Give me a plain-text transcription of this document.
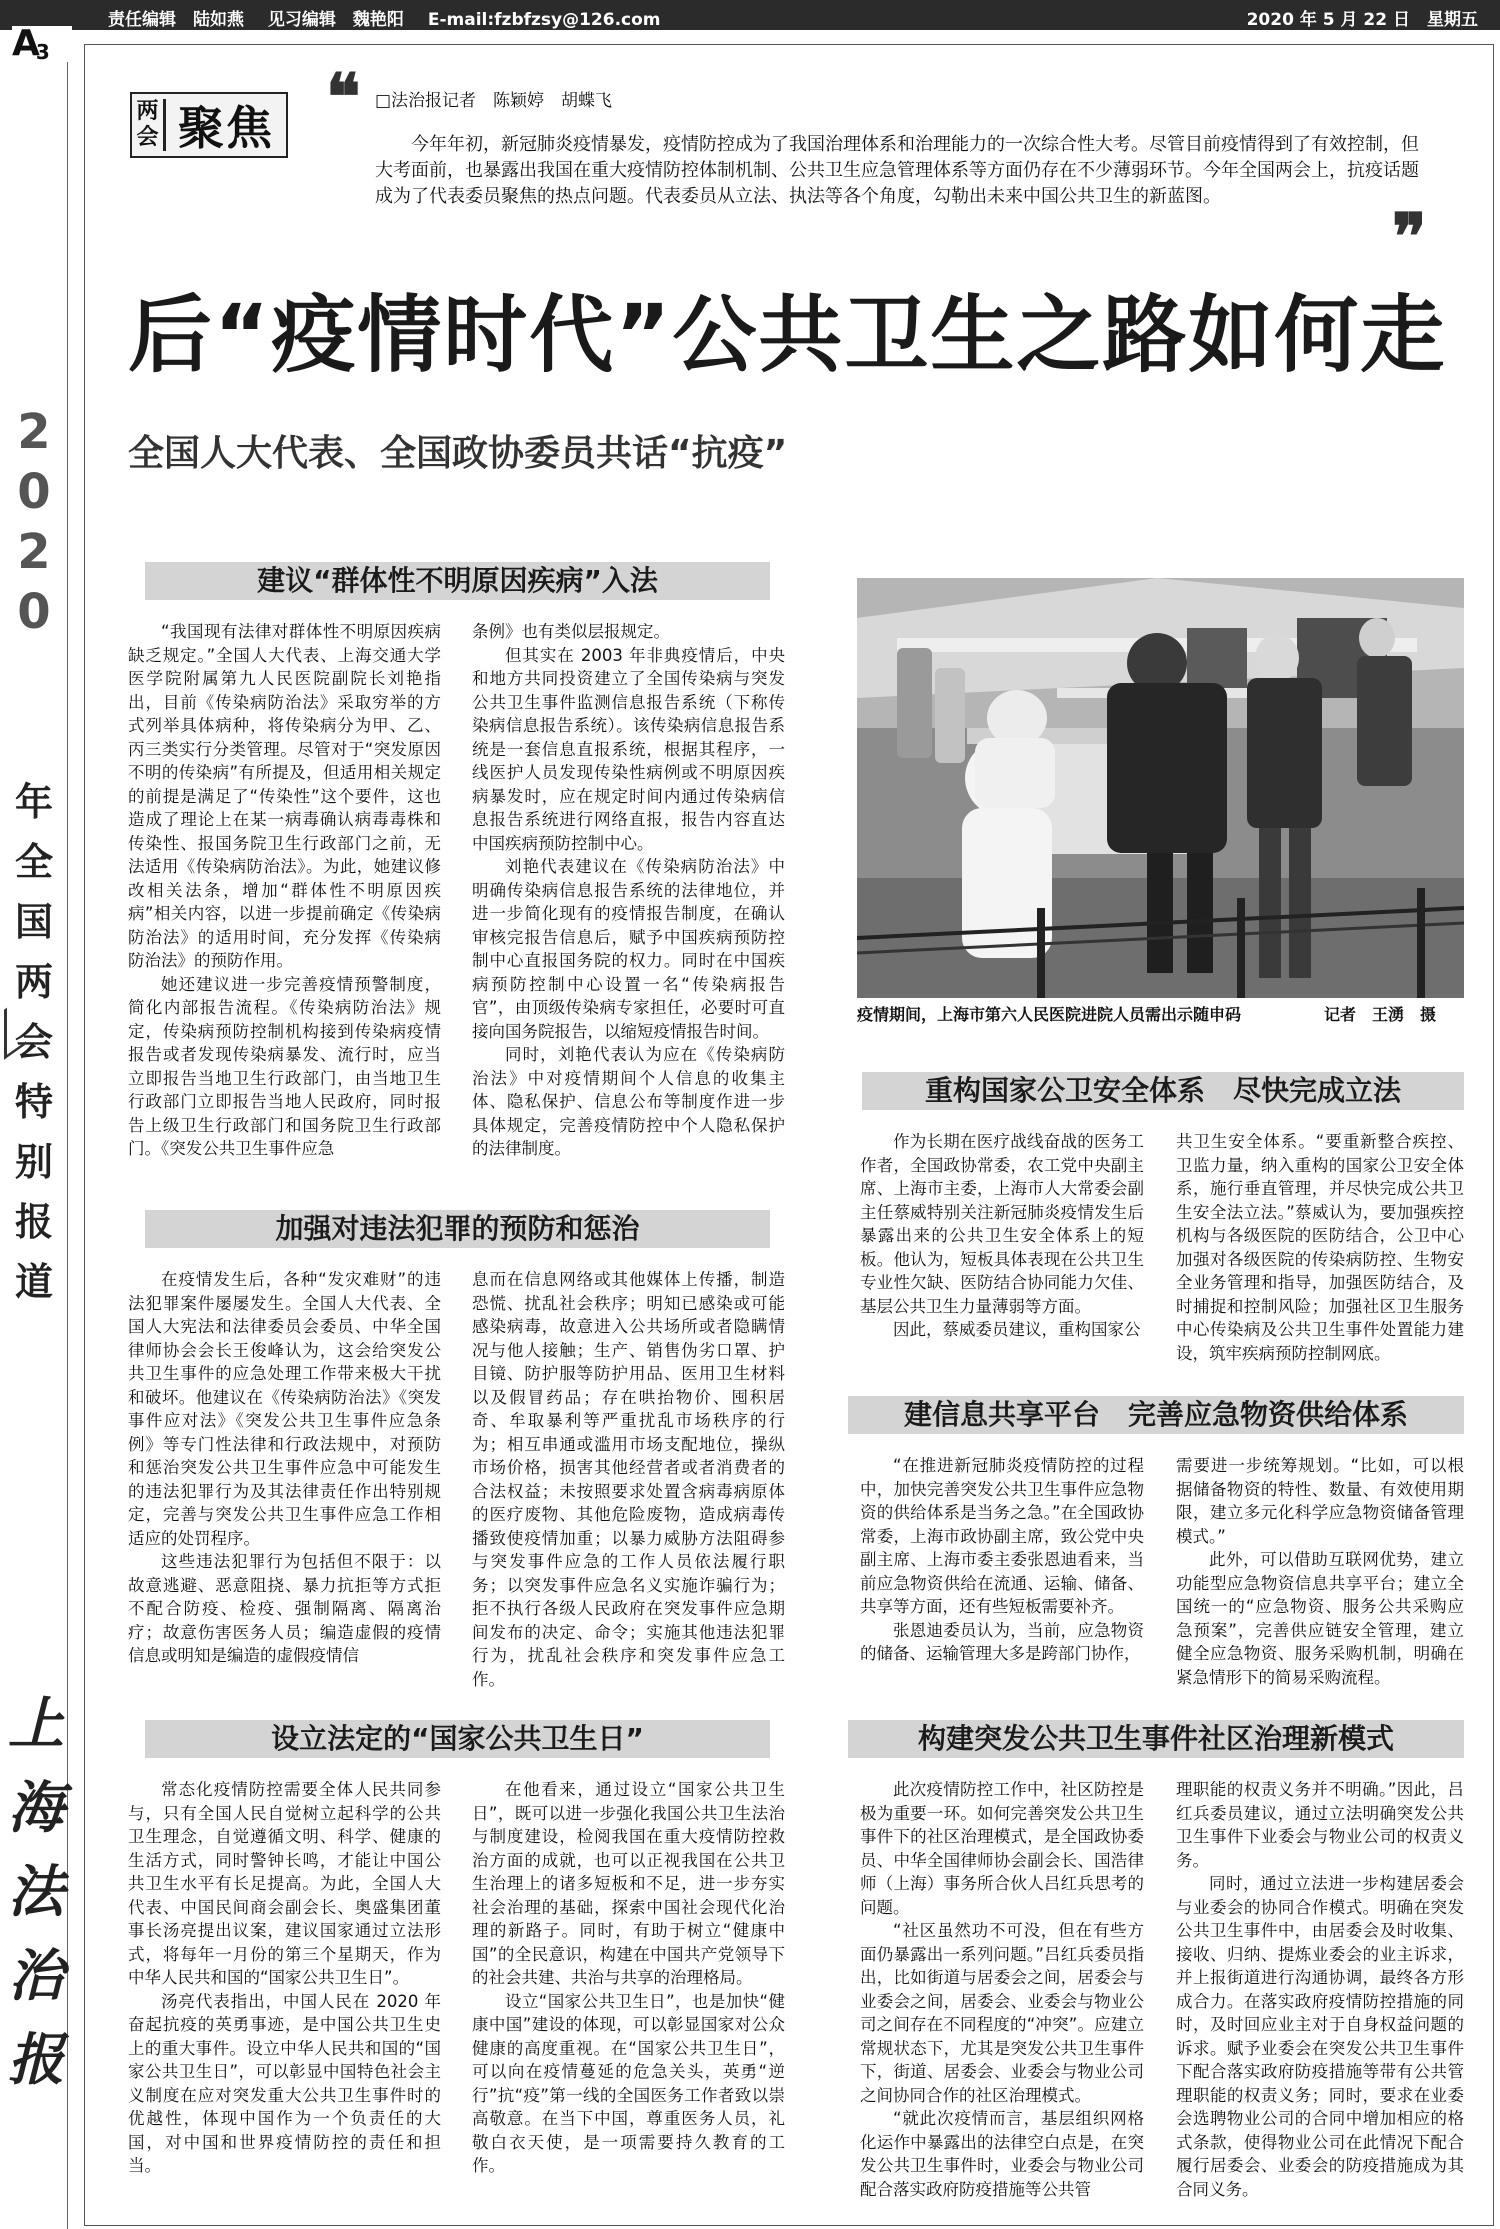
责任编辑　陆如燕 见习编辑　魏艳阳 E-mail:fzbfzsy@126.com	2020 年 5 月 22 日　星期五
A3
2
0
2
0
年
全
国
两
会
特
别
报
道
上
海
法
治
报
两会 聚焦 ❝
❞
□法治报记者　陈颖婷　胡蝶飞
今年年初，新冠肺炎疫情暴发，疫情防控成为了我国治理体系和治理能力的一次综合性大考。尽管目前疫情得到了有效控制，但大考面前，也暴露出我国在重大疫情防控体制机制、公共卫生应急管理体系等方面仍存在不少薄弱环节。今年全国两会上，抗疫话题成为了代表委员聚焦的热点问题。代表委员从立法、执法等各个角度，勾勒出未来中国公共卫生的新蓝图。
后“疫情时代”公共卫生之路如何走
全国人大代表、全国政协委员共话“抗疫”
建议“群体性不明原因疾病”入法

“我国现有法律对群体性不明原因疾病缺乏规定。”全国人大代表、上海交通大学医学院附属第九人民医院副院长刘艳指出，目前《传染病防治法》采取穷举的方式列举具体病种，将传染病分为甲、乙、丙三类实行分类管理。尽管对于“突发原因不明的传染病”有所提及，但适用相关规定的前提是满足了“传染性”这个要件，这也造成了理论上在某一病毒确认病毒毒株和传染性、报国务院卫生行政部门之前，无法适用《传染病防治法》。为此，她建议修改相关法条，增加“群体性不明原因疾病”相关内容，以进一步提前确定《传染病防治法》的适用时间，充分发挥《传染病防治法》的预防作用。

她还建议进一步完善疫情预警制度，简化内部报告流程。《传染病防治法》规定，传染病预防控制机构接到传染病疫情报告或者发现传染病暴发、流行时，应当立即报告当地卫生行政部门，由当地卫生行政部门立即报告当地人民政府，同时报告上级卫生行政部门和国务院卫生行政部门。《突发公共卫生事件应急

条例》也有类似层报规定。

但其实在 2003 年非典疫情后，中央和地方共同投资建立了全国传染病与突发公共卫生事件监测信息报告系统（下称传染病信息报告系统）。该传染病信息报告系统是一套信息直报系统，根据其程序，一线医护人员发现传染性病例或不明原因疾病暴发时，应在规定时间内通过传染病信息报告系统进行网络直报，报告内容直达中国疾病预防控制中心。

刘艳代表建议在《传染病防治法》中明确传染病信息报告系统的法律地位，并进一步简化现有的疫情报告制度，在确认审核完报告信息后，赋予中国疾病预防控制中心直报国务院的权力。同时在中国疾病预防控制中心设置一名“传染病报告官”，由顶级传染病专家担任，必要时可直接向国务院报告，以缩短疫情报告时间。

同时，刘艳代表认为应在《传染病防治法》中对疫情期间个人信息的收集主体、隐私保护、信息公布等制度作进一步具体规定，完善疫情防控中个人隐私保护的法律制度。

疫情期间，上海市第六人民医院进院人员需出示随申码	记者　王湧　摄
重构国家公卫安全体系　尽快完成立法

作为长期在医疗战线奋战的医务工作者，全国政协常委，农工党中央副主席、上海市主委，上海市人大常委会副主任蔡威特别关注新冠肺炎疫情发生后暴露出来的公共卫生安全体系上的短板。他认为，短板具体表现在公共卫生专业性欠缺、医防结合协同能力欠佳、基层公共卫生力量薄弱等方面。

因此，蔡威委员建议，重构国家公

共卫生安全体系。“要重新整合疾控、卫监力量，纳入重构的国家公卫安全体系，施行垂直管理，并尽快完成公共卫生安全法立法。”蔡威认为，要加强疾控机构与各级医院的医防结合，公卫中心加强对各级医院的传染病防控、生物安全业务管理和指导，加强医防结合，及时捕捉和控制风险；加强社区卫生服务中心传染病及公共卫生事件处置能力建设，筑牢疾病预防控制网底。

加强对违法犯罪的预防和惩治

在疫情发生后，各种“发灾难财”的违法犯罪案件屡屡发生。全国人大代表、全国人大宪法和法律委员会委员、中华全国律师协会会长王俊峰认为，这会给突发公共卫生事件的应急处理工作带来极大干扰和破坏。他建议在《传染病防治法》《突发事件应对法》《突发公共卫生事件应急条例》等专门性法律和行政法规中，对预防和惩治突发公共卫生事件应急中可能发生的违法犯罪行为及其法律责任作出特别规定，完善与突发公共卫生事件应急工作相适应的处罚程序。

这些违法犯罪行为包括但不限于：以故意逃避、恶意阻挠、暴力抗拒等方式拒不配合防疫、检疫、强制隔离、隔离治疗；故意伤害医务人员；编造虚假的疫情信息或明知是编造的虚假疫情信

息而在信息网络或其他媒体上传播，制造恐慌、扰乱社会秩序；明知已感染或可能感染病毒，故意进入公共场所或者隐瞒情况与他人接触；生产、销售伪劣口罩、护目镜、防护服等防护用品、医用卫生材料以及假冒药品；存在哄抬物价、囤积居奇、牟取暴利等严重扰乱市场秩序的行为；相互串通或滥用市场支配地位，操纵市场价格，损害其他经营者或者消费者的合法权益；未按照要求处置含病毒病原体的医疗废物、其他危险废物，造成病毒传播致使疫情加重；以暴力威胁方法阻碍参与突发事件应急的工作人员依法履行职务；以突发事件应急名义实施诈骗行为；拒不执行各级人民政府在突发事件应急期间发布的决定、命令；实施其他违法犯罪行为，扰乱社会秩序和突发事件应急工作。

建信息共享平台　完善应急物资供给体系

“在推进新冠肺炎疫情防控的过程中，加快完善突发公共卫生事件应急物资的供给体系是当务之急。”在全国政协常委，上海市政协副主席，致公党中央副主席、上海市委主委张恩迪看来，当前应急物资供给在流通、运输、储备、共享等方面，还有些短板需要补齐。

张恩迪委员认为，当前，应急物资的储备、运输管理大多是跨部门协作，

需要进一步统筹规划。“比如，可以根据储备物资的特性、数量、有效使用期限，建立多元化科学应急物资储备管理模式。”

此外，可以借助互联网优势，建立功能型应急物资信息共享平台；建立全国统一的“应急物资、服务公共采购应急预案”，完善供应链安全管理，建立健全应急物资、服务采购机制，明确在紧急情形下的简易采购流程。

设立法定的“国家公共卫生日”

常态化疫情防控需要全体人民共同参与，只有全国人民自觉树立起科学的公共卫生理念，自觉遵循文明、科学、健康的生活方式，同时警钟长鸣，才能让中国公共卫生水平有长足提高。为此，全国人大代表、中国民间商会副会长、奥盛集团董事长汤亮提出议案，建议国家通过立法形式，将每年一月份的第三个星期天，作为中华人民共和国的“国家公共卫生日”。

汤亮代表指出，中国人民在 2020 年奋起抗疫的英勇事迹，是中国公共卫生史上的重大事件。设立中华人民共和国的“国家公共卫生日”，可以彰显中国特色社会主义制度在应对突发重大公共卫生事件时的优越性，体现中国作为一个负责任的大国，对中国和世界疫情防控的责任和担当。

在他看来，通过设立“国家公共卫生日”，既可以进一步强化我国公共卫生法治与制度建设，检阅我国在重大疫情防控救治方面的成就，也可以正视我国在公共卫生治理上的诸多短板和不足，进一步夯实社会治理的基础，探索中国社会现代化治理的新路子。同时，有助于树立“健康中国”的全民意识，构建在中国共产党领导下的社会共建、共治与共享的治理格局。

设立“国家公共卫生日”，也是加快“健康中国”建设的体现，可以彰显国家对公众健康的高度重视。在“国家公共卫生日”，可以向在疫情蔓延的危急关头，英勇“逆行”抗“疫”第一线的全国医务工作者致以崇高敬意。在当下中国，尊重医务人员，礼敬白衣天使，是一项需要持久教育的工作。

构建突发公共卫生事件社区治理新模式

此次疫情防控工作中，社区防控是极为重要一环。如何完善突发公共卫生事件下的社区治理模式，是全国政协委员、中华全国律师协会副会长、国浩律师（上海）事务所合伙人吕红兵思考的问题。

“社区虽然功不可没，但在有些方面仍暴露出一系列问题。”吕红兵委员指出，比如街道与居委会之间，居委会与业委会之间，居委会、业委会与物业公司之间存在不同程度的“冲突”。应建立常规状态下，尤其是突发公共卫生事件下，街道、居委会、业委会与物业公司之间协同合作的社区治理模式。

“就此次疫情而言，基层组织网格化运作中暴露出的法律空白点是，在突发公共卫生事件时，业委会与物业公司配合落实政府防疫措施等公共管

理职能的权责义务并不明确。”因此，吕红兵委员建议，通过立法明确突发公共卫生事件下业委会与物业公司的权责义务。

同时，通过立法进一步构建居委会与业委会的协同合作模式。明确在突发公共卫生事件中，由居委会及时收集、接收、归纳、提炼业委会的业主诉求，并上报街道进行沟通协调，最终各方形成合力。在落实政府疫情防控措施的同时，及时回应业主对于自身权益问题的诉求。赋予业委会在突发公共卫生事件下配合落实政府防疫措施等带有公共管理职能的权责义务；同时，要求在业委会选聘物业公司的合同中增加相应的格式条款，使得物业公司在此情况下配合履行居委会、业委会的防疫措施成为其合同义务。
